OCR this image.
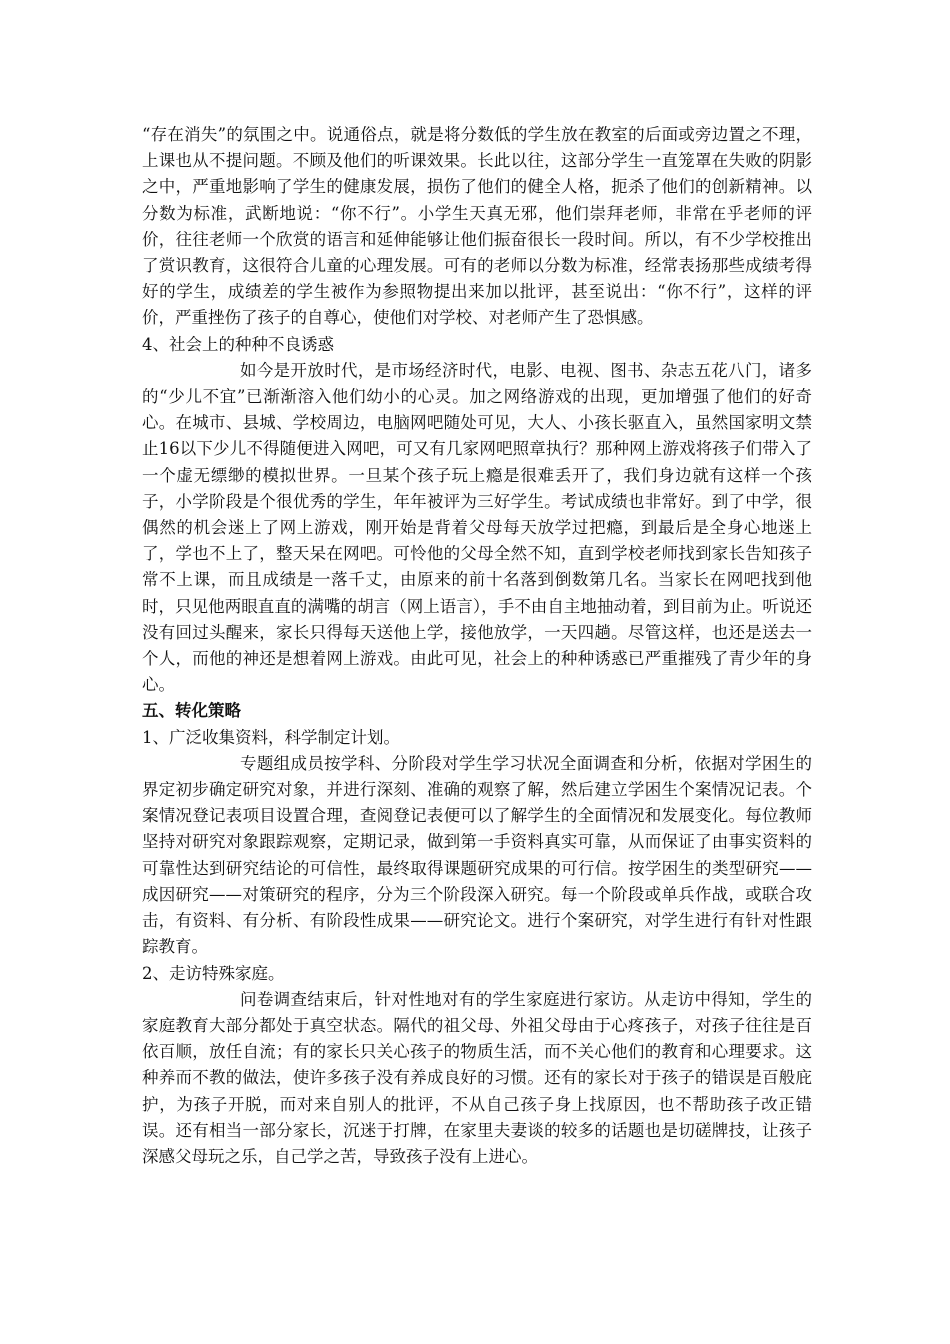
“存在消失”的氛围之中。说通俗点，就是将分数低的学生放在教室的后面或旁边置之不理，上课也从不提问题。不顾及他们的听课效果。长此以往，这部分学生一直笼罩在失败的阴影之中，严重地影响了学生的健康发展，损伤了他们的健全人格，扼杀了他们的创新精神。以分数为标准，武断地说：“你不行”。小学生天真无邪，他们崇拜老师，非常在乎老师的评价，往往老师一个欣赏的语言和延伸能够让他们振奋很长一段时间。所以，有不少学校推出了赏识教育，这很符合儿童的心理发展。可有的老师以分数为标准，经常表扬那些成绩考得好的学生，成绩差的学生被作为参照物提出来加以批评，甚至说出：“你不行”，这样的评价，严重挫伤了孩子的自尊心，使他们对学校、对老师产生了恐惧感。

4、社会上的种种不良诱惑

如今是开放时代，是市场经济时代，电影、电视、图书、杂志五花八门，诸多的“少儿不宜”已渐渐溶入他们幼小的心灵。加之网络游戏的出现，更加增强了他们的好奇心。在城市、县城、学校周边，电脑网吧随处可见，大人、小孩长驱直入，虽然国家明文禁止16以下少儿不得随便进入网吧，可又有几家网吧照章执行？那种网上游戏将孩子们带入了一个虚无缥缈的模拟世界。一旦某个孩子玩上瘾是很难丢开了，我们身边就有这样一个孩子，小学阶段是个很优秀的学生，年年被评为三好学生。考试成绩也非常好。到了中学，很偶然的机会迷上了网上游戏，刚开始是背着父母每天放学过把瘾，到最后是全身心地迷上了，学也不上了，整天呆在网吧。可怜他的父母全然不知，直到学校老师找到家长告知孩子常不上课，而且成绩是一落千丈，由原来的前十名落到倒数第几名。当家长在网吧找到他时，只见他两眼直直的满嘴的胡言（网上语言），手不由自主地抽动着，到目前为止。听说还没有回过头醒来，家长只得每天送他上学，接他放学，一天四趟。尽管这样，也还是送去一个人，而他的神还是想着网上游戏。由此可见，社会上的种种诱惑已严重摧残了青少年的身心。

五、转化策略

1、广泛收集资料，科学制定计划。

专题组成员按学科、分阶段对学生学习状况全面调查和分析，依据对学困生的界定初步确定研究对象，并进行深刻、准确的观察了解，然后建立学困生个案情况记表。个案情况登记表项目设置合理，查阅登记表便可以了解学生的全面情况和发展变化。每位教师坚持对研究对象跟踪观察，定期记录，做到第一手资料真实可靠，从而保证了由事实资料的可靠性达到研究结论的可信性，最终取得课题研究成果的可行信。按学困生的类型研究——成因研究——对策研究的程序，分为三个阶段深入研究。每一个阶段或单兵作战，或联合攻击，有资料、有分析、有阶段性成果——研究论文。进行个案研究，对学生进行有针对性跟踪教育。

2、走访特殊家庭。

问卷调查结束后，针对性地对有的学生家庭进行家访。从走访中得知，学生的家庭教育大部分都处于真空状态。隔代的祖父母、外祖父母由于心疼孩子，对孩子往往是百依百顺，放任自流；有的家长只关心孩子的物质生活，而不关心他们的教育和心理要求。这种养而不教的做法，使许多孩子没有养成良好的习惯。还有的家长对于孩子的错误是百般庇护，为孩子开脱，而对来自别人的批评，不从自己孩子身上找原因，也不帮助孩子改正错误。还有相当一部分家长，沉迷于打牌，在家里夫妻谈的较多的话题也是切磋牌技，让孩子深感父母玩之乐，自己学之苦，导致孩子没有上进心。
